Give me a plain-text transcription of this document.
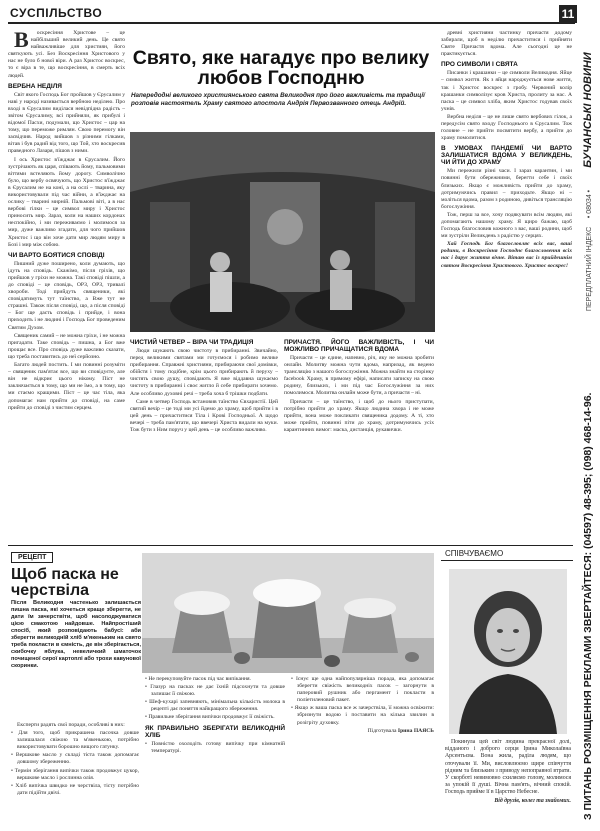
СУСПІЛЬСТВО	11

В оскресіння Христове – це найбільший великий день. Це свято найважливіше для християн, його святкують усі. Без Воскресіння Христового у нас не було б нової віри. А раз Христос воскрес, то є віра в те, що воскресіння, в смерть всіх людей.

ВЕРБНА НЕДІЛЯ

Світ якого Господь Бог пройшов у Єрусалим у наві у народі називається вербною неділею. Про вході в Єрусалим виділася невідпідна радість – звітом Єрусалиму, всі прийняли, як прибулі і відомої Пасхи, подумали, що Христос – цар на тому, що переможе римлян. Свою перемогу він засвідчив. Народ вийшов з різними гілками, вітав і був радий від того, що Той, хто воскресив праведного Лазаря, пішов з ними.

І ось Христос в'їжджає в Єрусалим. Його зустрічають як царя, співають йому, пальмовими віттями встеляють йому дорогу. Символічно було, що вербу освячують, що Христос в'їжджає в Єрусалим не на коні, а на ослі – тварина, яку використовували під час війни, а в'їжджає на ослику – тварині мирній. Пальмові віті, а в нас вербові гілки – це символ миру і Христос приносить мир. Зараз, коли на наших кордонах неспокійно, і ми переживаємо і молимося за мир, дуже важливо згадати, для чого прийшов Христос і що він хоче дати мир людям миру в Бозі і мир між собою.

ЧИ ВАРТО БОЯТИСЯ СПОВІДІ

Пишний дуже поширено, коли думають, що ідуть на сповідь. Скажімо, після гріхів, що прийшов у гріхи не можна. Такі сповіді пішли, а до сповіді – це сповідь, ОРЗ, ОРЗ, тривалі хвороби. Тоді прийдуть священики, які сповідатимуть тут таїнство, а Вже тут не страшні. Також після сповіді, що, а після сповіді – Бог ще дасть сповідь і прийде, і вона приходить і не людині і Господь Бог проведеним Святим Духом.

Священик самий – не можна гріхи, і не можна пригадати. Таке сповідь – пишна, а Бог вже прощає все. Про сповідь дуже важливо сказати, що треба поставитись до неї серйозно.

Багато людей постить. І ми повинні розуміти – священик пам'ятає все, що ви сповідуєте, але він не відкриє цього нікому. Піст не заключається в тому, що ми не їмо, а в тому, що ми стаємо кращими. Піст – це час тіла, яка допомагає нам прийти до сповіді, на саме прийти до сповіді з чистим серцем.

Свято, яке нагадує про велику любов Господню
Напередодні великого християнського свята Великодня про його важливість та традиції розповів настоятель Храму святого апостола Андрія Первозванного отець Андрій.
ЧИСТИЙ ЧЕТВЕР – ВІРА ЧИ ТРАДИЦІЯ

Люди шукають свою чистоту в прибиранні. Звичайно, перед великими святами ми готуємося і робимо велике прибирання. Справжні християни, прибираючи свої домівки, обійстя і тому подібне, крім цього прибирають й перуху – чистять свою душу, сповідають Я вже віддавна шукаємо чистоту в прибиранні і своє житло й себе прибирати хочемо. Але особливо духовні речі – треба хоча б трішки подбати.

Саме в четвер Господь встановив таїнство Євхаристії. Цей святий вечір – це тоді ми усі йдемо до храму, щоб прийти і в цей день – причаститися Тіла і Крові Господньої. А щодо вечері – треба пам'ятати, що ввечері Христа видали на муки. Тож бути з Ним поруч у цей день – це особливо важливо.

ПРИЧАСТЯ. ЙОГО ВАЖЛИВІСТЬ, І ЧИ МОЖЛИВО ПРИЧАЩАТИСЯ ВДОМА

Причастя – це єдине, напевно, річ, яку не можна зробити онлайн. Молитву можна чути вдома, напризад, як ведено трансляцію з нашого богослужіння. Можна знайти на сторінку facebook Храму, в прямому ефірі, написати записку на свою родину, близьких, і ми під час Богослужіння за них помолимося. Молитва онлайн може бути, а причастя – ні.

Причастя – це таїнство, і щоб до нього приступати, потрібно прийти до храму. Якщо людина хвора і не може прийти, вона може покликати священика додому. А ті, хто може прийти, повинні піти до храму, дотримуючись усіх карантинних вимог: маска, дистанція, рукавички.

древні християни частинку причастя додому забирали, щоб в неділю причаститися і прийняти Святе Причастя вдома. Але сьогодні це не практикується.

ПРО СИМВОЛИ І СВЯТА

Писанки і крашанки – це символи Великодня. Яйце – символ життя. Як з яйця народжується нове життя, так і Христос воскрес з гробу. Червоний колір крашанки символізує кров Христа, пролиту за нас. А паска – це символ хліба, яким Христос годував своїх учнів.

Вербна неділя – це не лише свято вербових гілок, а передусім свято входу Господнього в Єрусалим. Тож головне – не прийти посвятити вербу, а прийти до храму помолитися.

В УМОВАХ ПАНДЕМІЇ ЧИ ВАРТО ЗАЛИШАТИСЯ ВДОМА У ВЕЛИКДЕНЬ, ЧИ ЙТИ ДО ХРАМУ

Ми пережили різні часи. І зараз карантин, і ми повинні бути обережними, берегти себе і своїх близьких. Якщо є можливість прийти до храму, дотримуючись правил – приходьте. Якщо ні – моліться вдома, разом з родиною, дивіться трансляцію богослужіння.

Тож, перш за все, хочу подякувати всім людям, які допомагають нашому храму. Я щиро бажаю, щоб Господь благословив кожного з вас, ваші родини, щоб ми зустріли Великдень з радістю у серцях.

Хай Господь Бог благословляє всіх вас, ваші родини, в Воскресіння Господнє благословення всіх нас і дарує життя вічне. Вітаю вас із прийдешнім святом Воскресіння Христового. Христос воскрес!

РЕЦЕПТ
Щоб паска не черствіла
Після Великодня частенько залишається пишна паска, які хочеться краще зберегти, не дати їм зачерствіти, щоб насолоджуватися цією смакотою найдовше. Найпростіший спосіб, який розповідають бабусі: аби зберегти великодній хліб м'якеньким на свято треба покласти в ємність, де він зберігається, скибочку яблука, невеличкий шматочок почищеної сирої картоплі або трохи кавунової скоринки.

Експерти радять свої поради, особливі в них:

• Для того, щоб прикрашена пасочка довше залишалася свіжою та м'якенькою, потрібно використовувати борошно вищого гатунку.

• Вершкове масло у складі тіста також допомагає довшому збереженню.

• Термін зберігання випічки також продовжує цукор, вершкове масло і рослинна олія.

• Хліб випічка швидко не черствіла, тісту потрібно дати підійти двічі.

• Не перекуповуйте пасок під час випікання.

• Глазур на пасках не дає їхній підсохнути та довше залишає її свіжою.

• Шеф-кухарі запевняють, мінімальна кількість молока в рецепті дає поняття найкращого збереження.

• Правильне зберігання випічки продовжує її свіжість.

ЯК ПРАВИЛЬНО ЗБЕРІГАТИ ВЕЛИКОДНІЙ ХЛІБ

• Повністю охолодіть готову випічку при кімнатній температурі.

• Існує ще одна найпопулярніша порада, яка допомагає зберегти свіжість великодніх пасок – загорнути в паперовий рушник або пергамент і покласти в поліетиленовий пакет.

• Якщо ж ваша паска все ж зачерствіла, її можна освіжити: збризнути водою і поставити на кілька хвилин в розігріту духовку.

Підготувала Ірина ПАЯСЬ

СПІВЧУВАЄМО

Покинула цей світ людина прекрасної долі, відданого і доброго серця Ірина Миколаївна Арсентьєва. Вона жила, раділа людям, що оточували її. Ми, висловлюємо щире співчуття рідним та близьким з приводу непоправної втрати. У скорботі невимовно схиляємо голову, молимося за упокій її душі. Вічна пам'ять, вічний спокій. Господь прийме її в Царство Небесне.

Від друзів, колег та знайомих.	З ПИТАНЬ РОЗМІЩЕННЯ РЕКЛАМИ ЗВЕРТАЙТЕСЯ: (04597) 48-395; (098) 468-14-96.ПЕРЕДПЛАТНИЙ ІНДЕКС• 08034 •БУЧАНСЬКІ НОВИНИ
